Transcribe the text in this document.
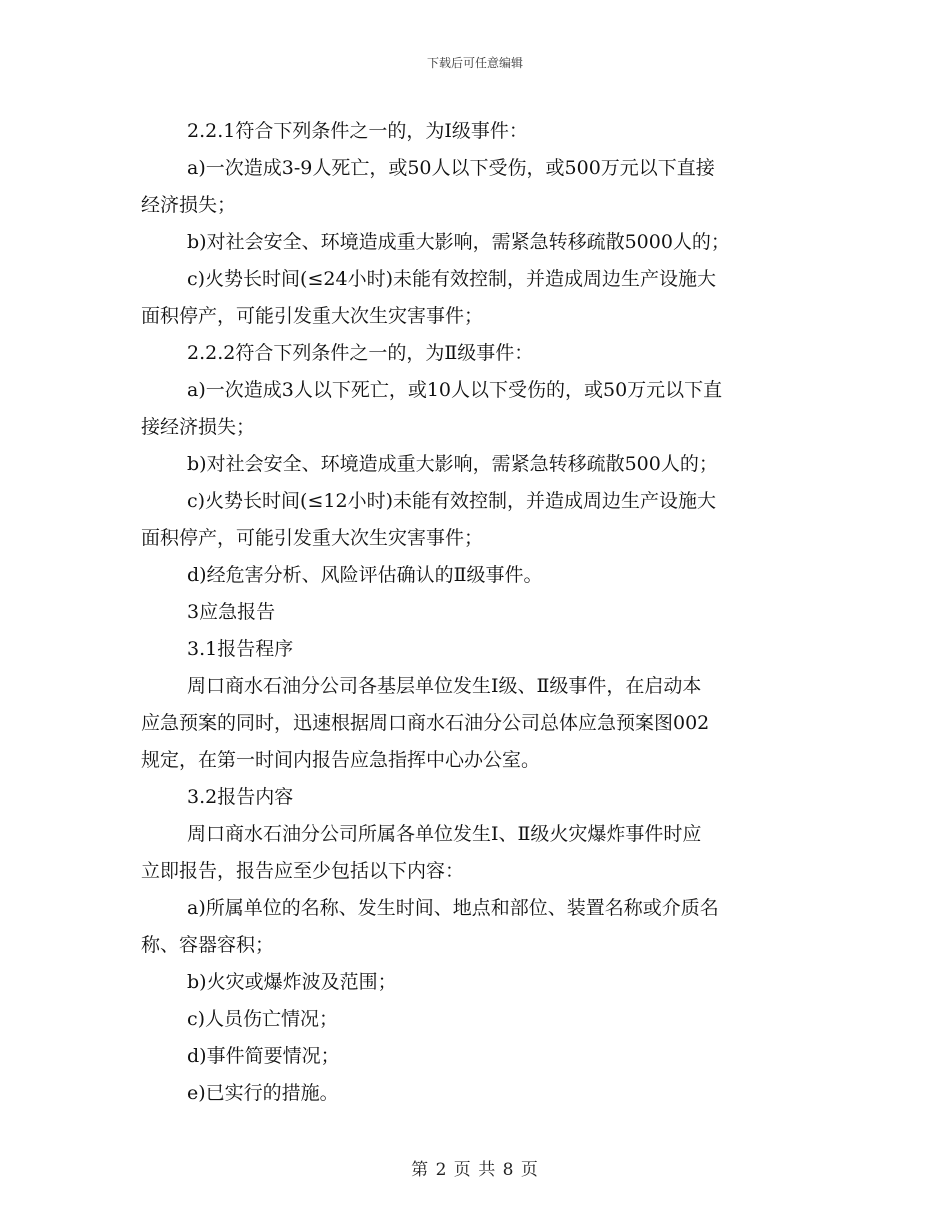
下载后可任意编辑

2.2.1符合下列条件之一的，为Ⅰ级事件：

a)一次造成3-9人死亡，或50人以下受伤，或500万元以下直接

经济损失；

b)对社会安全、环境造成重大影响，需紧急转移疏散5000人的；

c)火势长时间(≤24小时)未能有效控制，并造成周边生产设施大

面积停产，可能引发重大次生灾害事件；

2.2.2符合下列条件之一的，为Ⅱ级事件：

a)一次造成3人以下死亡，或10人以下受伤的，或50万元以下直

接经济损失；

b)对社会安全、环境造成重大影响，需紧急转移疏散500人的；

c)火势长时间(≤12小时)未能有效控制，并造成周边生产设施大

面积停产，可能引发重大次生灾害事件；

d)经危害分析、风险评估确认的Ⅱ级事件。

3应急报告

3.1报告程序

周口商水石油分公司各基层单位发生Ⅰ级、Ⅱ级事件，在启动本

应急预案的同时，迅速根据周口商水石油分公司总体应急预案图002

规定，在第一时间内报告应急指挥中心办公室。

3.2报告内容

周口商水石油分公司所属各单位发生Ⅰ、Ⅱ级火灾爆炸事件时应

立即报告，报告应至少包括以下内容：

a)所属单位的名称、发生时间、地点和部位、装置名称或介质名

称、容器容积；

b)火灾或爆炸波及范围；

c)人员伤亡情况；

d)事件简要情况；

e)已实行的措施。

第 2 页 共 8 页
